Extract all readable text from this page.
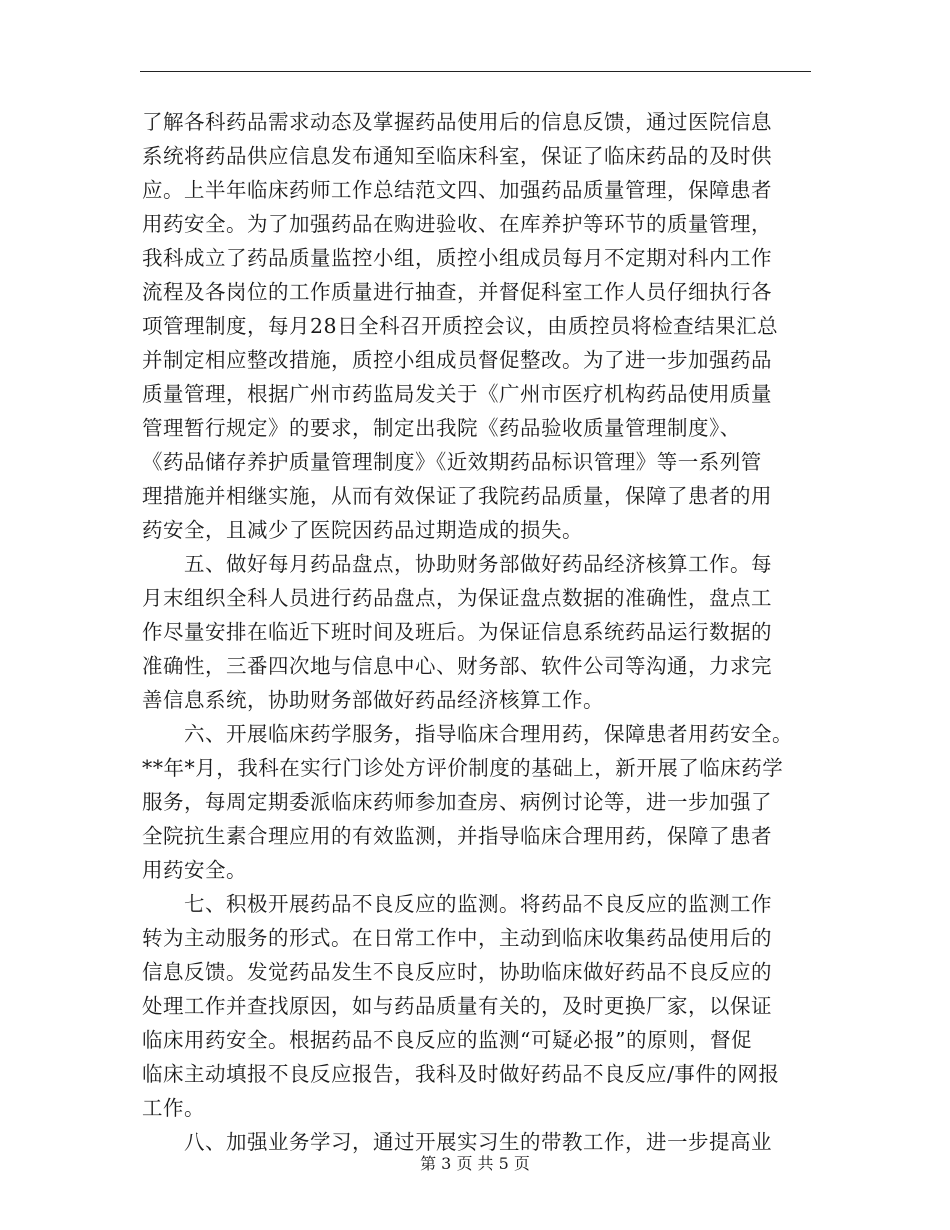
了解各科药品需求动态及掌握药品使用后的信息反馈，通过医院信息
系统将药品供应信息发布通知至临床科室，保证了临床药品的及时供
应。上半年临床药师工作总结范文四、加强药品质量管理，保障患者
用药安全。为了加强药品在购进验收、在库养护等环节的质量管理，
我科成立了药品质量监控小组，质控小组成员每月不定期对科内工作
流程及各岗位的工作质量进行抽查，并督促科室工作人员仔细执行各
项管理制度，每月28日全科召开质控会议，由质控员将检查结果汇总
并制定相应整改措施，质控小组成员督促整改。为了进一步加强药品
质量管理，根据广州市药监局发关于《广州市医疗机构药品使用质量
管理暂行规定》的要求，制定出我院《药品验收质量管理制度》、
《药品储存养护质量管理制度》《近效期药品标识管理》等一系列管
理措施并相继实施，从而有效保证了我院药品质量，保障了患者的用
药安全，且减少了医院因药品过期造成的损失。
　　五、做好每月药品盘点，协助财务部做好药品经济核算工作。每
月末组织全科人员进行药品盘点，为保证盘点数据的准确性，盘点工
作尽量安排在临近下班时间及班后。为保证信息系统药品运行数据的
准确性，三番四次地与信息中心、财务部、软件公司等沟通，力求完
善信息系统，协助财务部做好药品经济核算工作。
　　六、开展临床药学服务，指导临床合理用药，保障患者用药安全。
**年*月，我科在实行门诊处方评价制度的基础上，新开展了临床药学
服务，每周定期委派临床药师参加查房、病例讨论等，进一步加强了
全院抗生素合理应用的有效监测，并指导临床合理用药，保障了患者
用药安全。
　　七、积极开展药品不良反应的监测。将药品不良反应的监测工作
转为主动服务的形式。在日常工作中，主动到临床收集药品使用后的
信息反馈。发觉药品发生不良反应时，协助临床做好药品不良反应的
处理工作并查找原因，如与药品质量有关的，及时更换厂家，以保证
临床用药安全。根据药品不良反应的监测“可疑必报”的原则，督促
临床主动填报不良反应报告，我科及时做好药品不良反应/事件的网报
工作。
　　八、加强业务学习，通过开展实习生的带教工作，进一步提高业
第 3 页 共 5 页
